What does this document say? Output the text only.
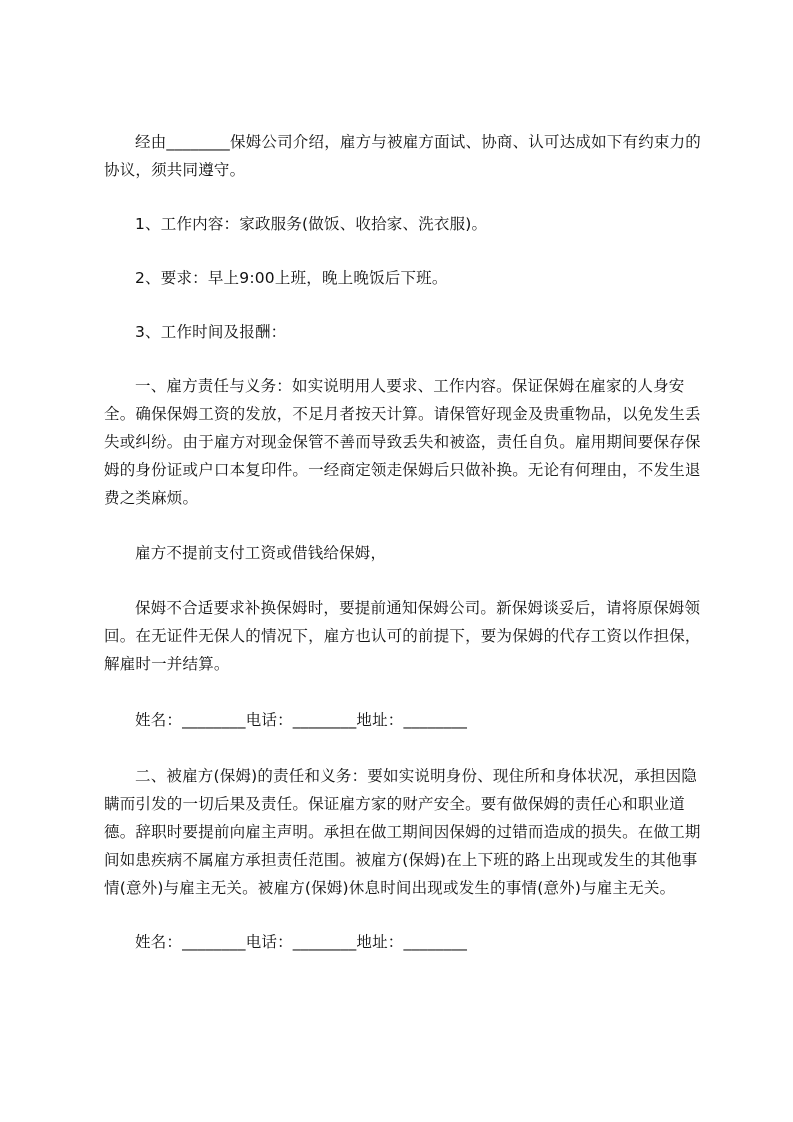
经由________保姆公司介绍，雇方与被雇方面试、协商、认可达成如下有约束力的协议，须共同遵守。

1、工作内容：家政服务(做饭、收拾家、洗衣服)。

2、要求：早上9:00上班，晚上晚饭后下班。

3、工作时间及报酬：

一、雇方责任与义务：如实说明用人要求、工作内容。保证保姆在雇家的人身安全。确保保姆工资的发放，不足月者按天计算。请保管好现金及贵重物品，以免发生丢失或纠纷。由于雇方对现金保管不善而导致丢失和被盗，责任自负。雇用期间要保存保姆的身份证或户口本复印件。一经商定领走保姆后只做补换。无论有何理由，不发生退费之类麻烦。

雇方不提前支付工资或借钱给保姆，

保姆不合适要求补换保姆时，要提前通知保姆公司。新保姆谈妥后，请将原保姆领回。在无证件无保人的情况下，雇方也认可的前提下，要为保姆的代存工资以作担保，解雇时一并结算。

姓名：________电话：________地址：________

二、被雇方(保姆)的责任和义务：要如实说明身份、现住所和身体状况，承担因隐瞒而引发的一切后果及责任。保证雇方家的财产安全。要有做保姆的责任心和职业道德。辞职时要提前向雇主声明。承担在做工期间因保姆的过错而造成的损失。在做工期间如患疾病不属雇方承担责任范围。被雇方(保姆)在上下班的路上出现或发生的其他事情(意外)与雇主无关。被雇方(保姆)休息时间出现或发生的事情(意外)与雇主无关。

姓名：________电话：________地址：________
